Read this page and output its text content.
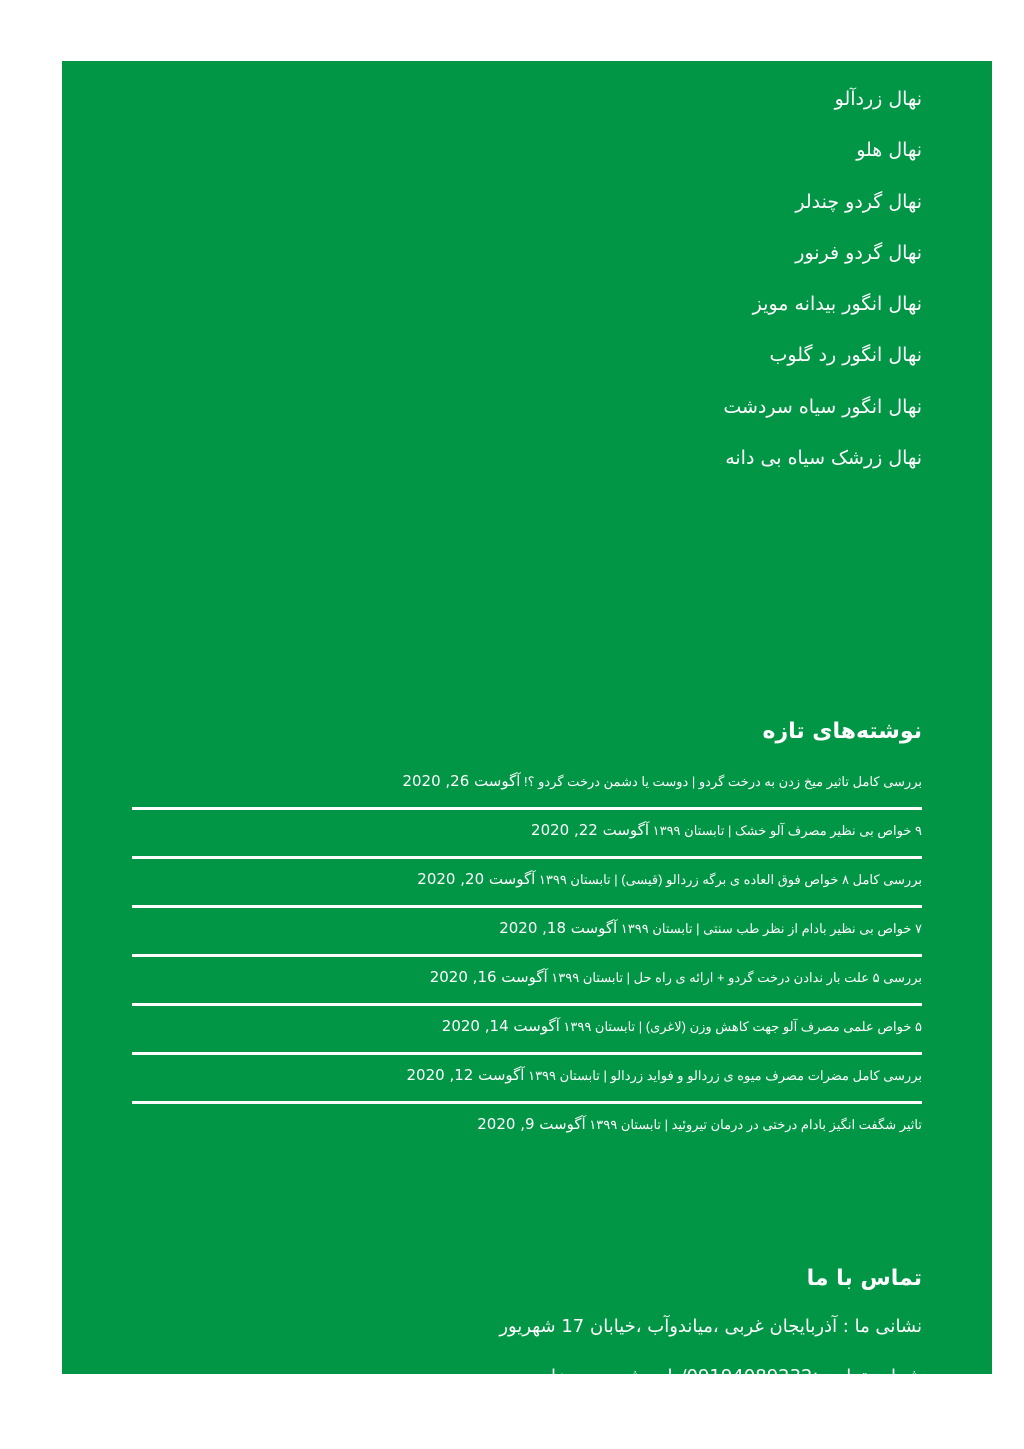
نهال زردآلو
نهال هلو
نهال گردو چندلر
نهال گردو فرنور
نهال انگور بیدانه مویز
نهال انگور رد گلوب
نهال انگور سیاه سردشت
نهال زرشک سیاه بی دانه
نوشته‌های تازه
بررسی کامل تاثیر میخ زدن به درخت گردو | دوست یا دشمن درخت گردو ؟! آگوست 26, 2020
۹ خواص بی نظیر مصرف آلو خشک | تابستان ۱۳۹۹ آگوست 22, 2020
بررسی کامل ۸ خواص فوق العاده ی برگه زردالو (قیسی) | تابستان ۱۳۹۹ آگوست 20, 2020
۷ خواص بی نظیر بادام از نظر طب سنتی | تابستان ۱۳۹۹ آگوست 18, 2020
بررسی ۵ علت بار ندادن درخت گردو + ارائه ی راه حل | تابستان ۱۳۹۹ آگوست 16, 2020
۵ خواص علمی مصرف آلو جهت کاهش وزن (لاغری) | تابستان ۱۳۹۹ آگوست 14, 2020
بررسی کامل مضرات مصرف میوه ی زردالو و فواید زردالو | تابستان ۱۳۹۹ آگوست 12, 2020
تاثیر شگفت انگیز بادام درختی در درمان تیروئید | تابستان ۱۳۹۹ آگوست 9, 2020
تماس با ما
نشانی ما : آذربایجان غربی ،میاندوآب ،خیابان 17 شهریور
شماره تماس :09194089232/داریوش حسین زاده
